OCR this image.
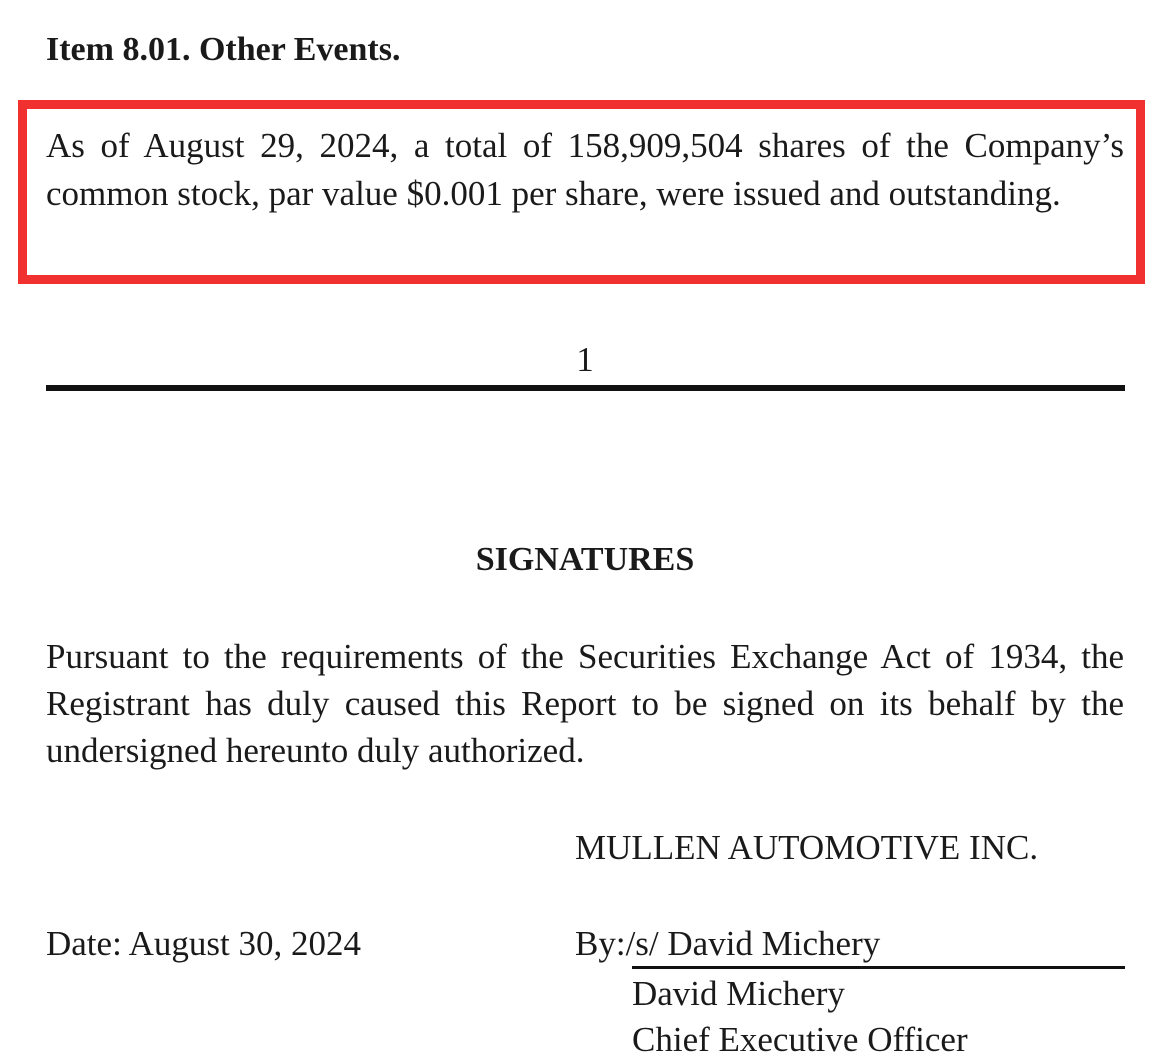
Item 8.01. Other Events.
As of August 29, 2024, a total of 158,909,504 shares of the Company’s common stock, par value $0.001 per share, were issued and outstanding.
1
SIGNATURES
Pursuant to the requirements of the Securities Exchange Act of 1934, the Registrant has duly caused this Report to be signed on its behalf by the undersigned hereunto duly authorized.
MULLEN AUTOMOTIVE INC.
Date: August 30, 2024	By:/s/ David Michery
David Michery
Chief Executive Officer
